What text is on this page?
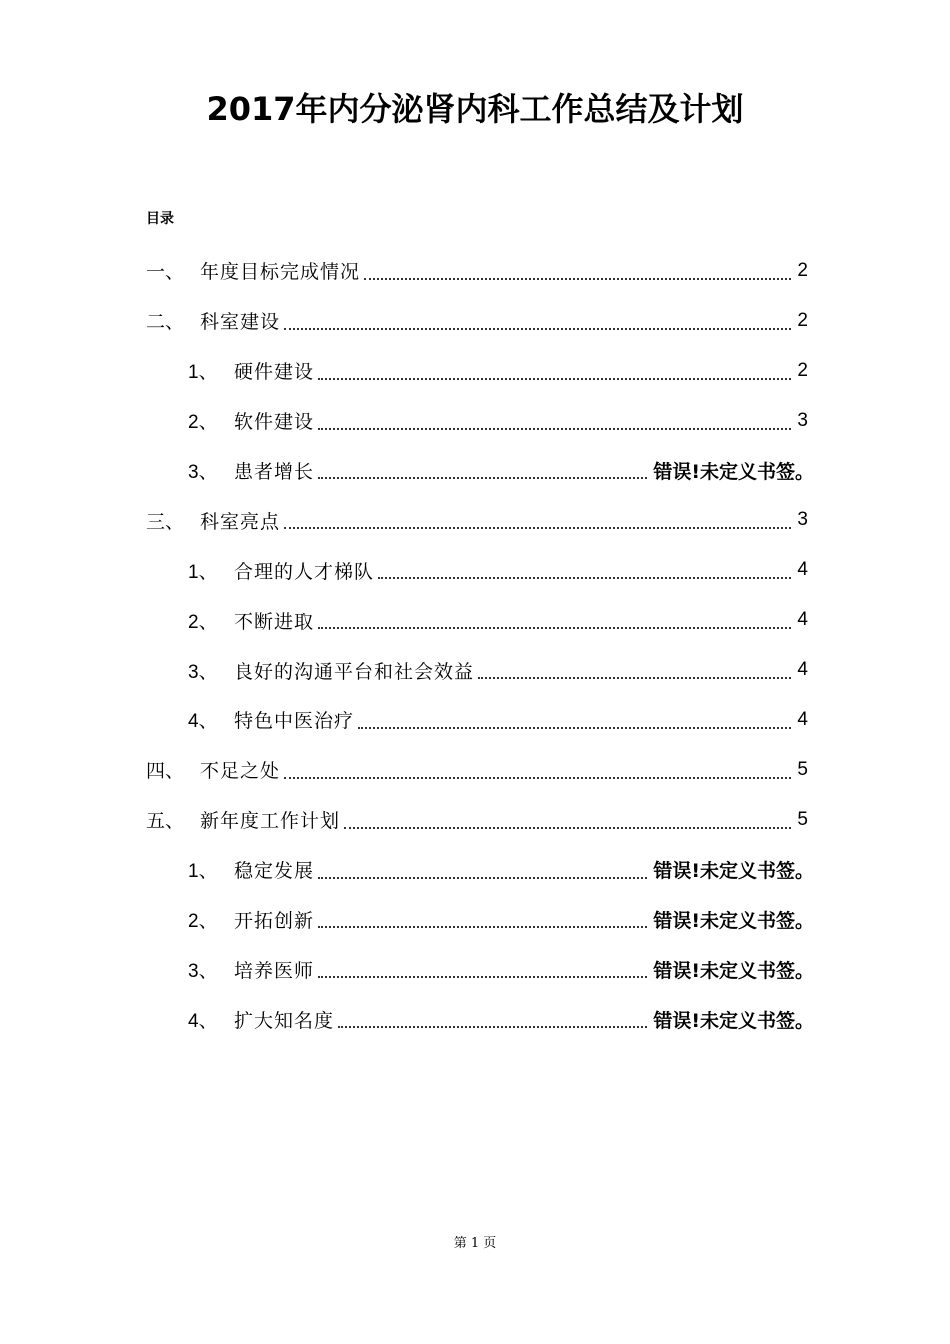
2017年内分泌肾内科工作总结及计划
目录
一、 年度目标完成情况	2
二、 科室建设	2
1、 硬件建设	2
2、 软件建设	3
3、 患者增长	错误!未定义书签。
三、 科室亮点	3
1、 合理的人才梯队	4
2、 不断进取	4
3、 良好的沟通平台和社会效益	4
4、 特色中医治疗	4
四、 不足之处	5
五、 新年度工作计划	5
1、 稳定发展	错误!未定义书签。
2、 开拓创新	错误!未定义书签。
3、 培养医师	错误!未定义书签。
4、 扩大知名度	错误!未定义书签。
第 1 页
